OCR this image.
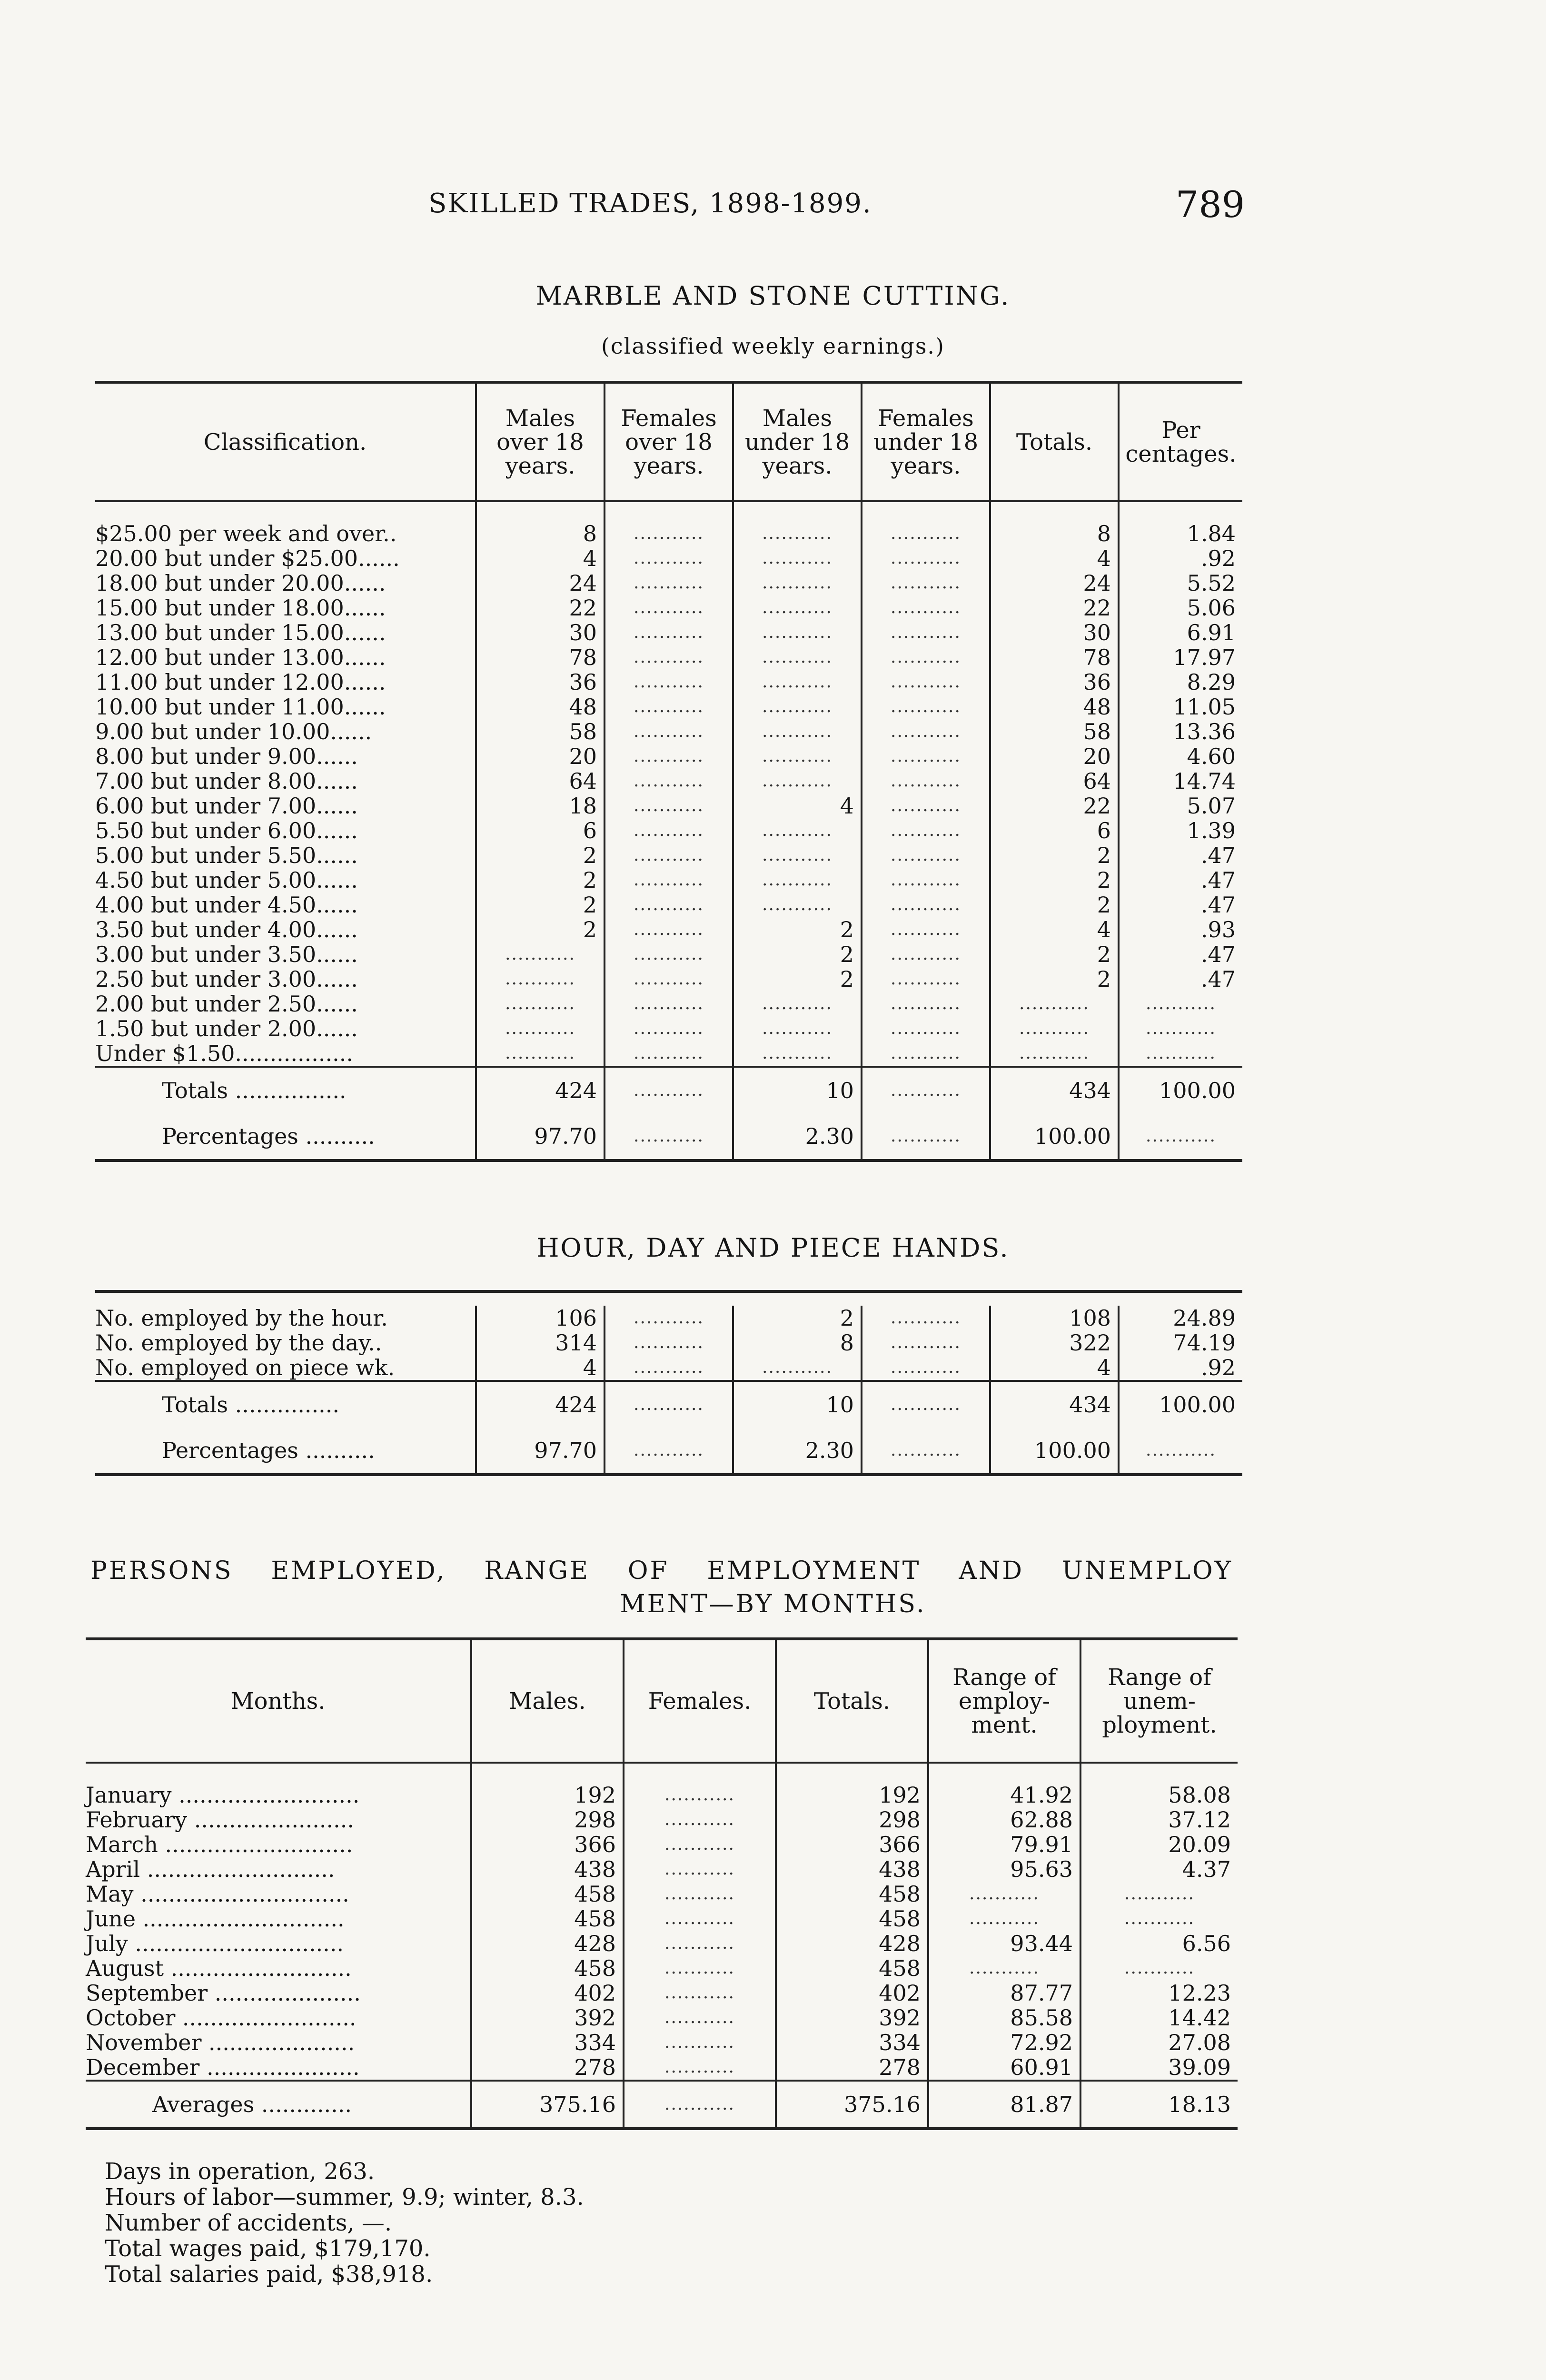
SKILLED TRADES, 1898-1899.	789
MARBLE AND STONE CUTTING.
(classified weekly earnings.)
Classification.	Males over 18 years.	Females over 18 years.	Males under 18 years.	Females under 18 years.	Totals.	Per centages.

$25.00 per week and over..	8	...........	...........	...........	8	1.84
20.00 but under $25.00......	4	...........	...........	...........	4	.92
18.00 but under 20.00......	24	...........	...........	...........	24	5.52
15.00 but under 18.00......	22	...........	...........	...........	22	5.06
13.00 but under 15.00......	30	...........	...........	...........	30	6.91
12.00 but under 13.00......	78	...........	...........	...........	78	17.97
11.00 but under 12.00......	36	...........	...........	...........	36	8.29
10.00 but under 11.00......	48	...........	...........	...........	48	11.05
9.00 but under 10.00......	58	...........	...........	...........	58	13.36
8.00 but under 9.00......	20	...........	...........	...........	20	4.60
7.00 but under 8.00......	64	...........	...........	...........	64	14.74
6.00 but under 7.00......	18	...........	4	...........	22	5.07
5.50 but under 6.00......	6	...........	...........	...........	6	1.39
5.00 but under 5.50......	2	...........	...........	...........	2	.47
4.50 but under 5.00......	2	...........	...........	...........	2	.47
4.00 but under 4.50......	2	...........	...........	...........	2	.47
3.50 but under 4.00......	2	...........	2	...........	4	.93
3.00 but under 3.50......	...........	...........	2	...........	2	.47
2.50 but under 3.00......	...........	...........	2	...........	2	.47
2.00 but under 2.50......	...........	...........	...........	...........	...........	...........
1.50 but under 2.00......	...........	...........	...........	...........	...........	...........
Under $1.50.................	...........	...........	...........	...........	...........	...........
Totals ................	424	...........	10	...........	434	100.00
Percentages ..........	97.70	...........	2.30	...........	100.00	...........
HOUR, DAY AND PIECE HANDS.

No. employed by the hour.	106	...........	2	...........	108	24.89
No. employed by the day..	314	...........	8	...........	322	74.19
No. employed on piece wk.	4	...........	...........	...........	4	.92
Totals ...............	424	...........	10	...........	434	100.00
Percentages ..........	97.70	...........	2.30	...........	100.00	...........
PERSONS EMPLOYED, RANGE OF EMPLOYMENT AND UNEMPLOY
MENT—BY MONTHS.
Months.	Males.	Females.	Totals.	Range of employ-ment.	Range of unem-ployment.

January ..........................	192	...........	192	41.92	58.08
February .......................	298	...........	298	62.88	37.12
March ...........................	366	...........	366	79.91	20.09
April ...........................	438	...........	438	95.63	4.37
May ..............................	458	...........	458	...........	...........
June .............................	458	...........	458	...........	...........
July ..............................	428	...........	428	93.44	6.56
August ..........................	458	...........	458	...........	...........
September .....................	402	...........	402	87.77	12.23
October .........................	392	...........	392	85.58	14.42
November .....................	334	...........	334	72.92	27.08
December ......................	278	...........	278	60.91	39.09
Averages .............	375.16	...........	375.16	81.87	18.13
Days in operation, 263.
Hours of labor—summer, 9.9; winter, 8.3.
Number of accidents, —.
Total wages paid, $179,170.
Total salaries paid, $38,918.
